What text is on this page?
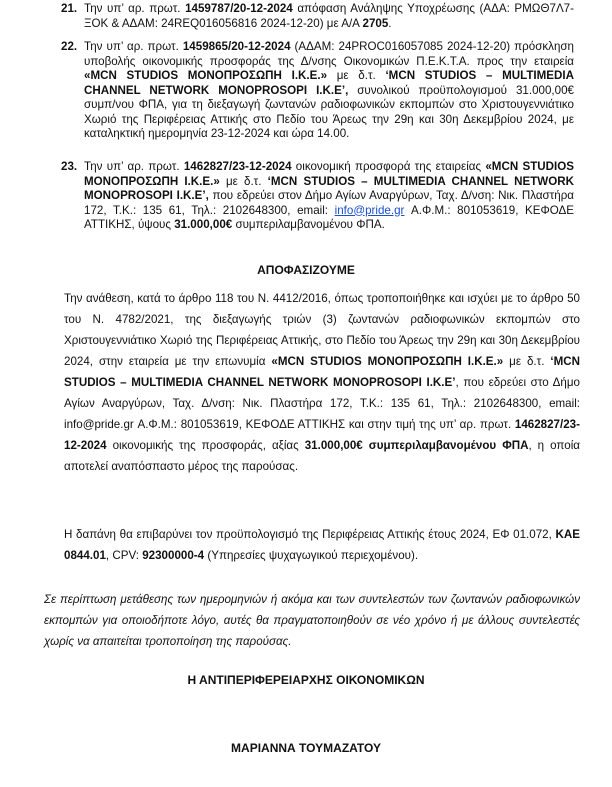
21. Την υπ’ αρ. πρωτ. 1459787/20-12-2024 απόφαση Ανάληψης Υποχρέωσης (ΑΔΑ: ΡΜΩΘ7Λ7-ΞΟΚ & ΑΔΑΜ: 24REQ016056816 2024-12-20) με Α/Α 2705.
22. Την υπ’ αρ. πρωτ. 1459865/20-12-2024 (ΑΔΑΜ: 24PROC016057085 2024-12-20) πρόσκληση υποβολής οικονομικής προσφοράς της Δ/νσης Οικονομικών Π.Ε.Κ.Τ.Α. προς την εταιρεία «MCN STUDIOS ΜΟΝΟΠΡΟΣΩΠΗ Ι.Κ.Ε.» με δ.τ. ‘MCN STUDIOS – MULTIMEDIA CHANNEL NETWORK MONOPROSOPI I.K.E’, συνολικού προϋπολογισμού 31.000,00€ συμπ/νου ΦΠΑ, για τη διεξαγωγή ζωντανών ραδιοφωνικών εκπομπών στο Χριστουγεννιάτικο Χωριό της Περιφέρειας Αττικής στο Πεδίο του Άρεως την 29η και 30η Δεκεμβρίου 2024, με καταληκτική ημερομηνία 23-12-2024 και ώρα 14.00.
23. Την υπ’ αρ. πρωτ. 1462827/23-12-2024 οικονομική προσφορά της εταιρείας «MCN STUDIOS ΜΟΝΟΠΡΟΣΩΠΗ Ι.Κ.Ε.» με δ.τ. ‘MCN STUDIOS – MULTIMEDIA CHANNEL NETWORK MONOPROSOPI I.K.E’, που εδρεύει στον Δήμο Αγίων Αναργύρων, Ταχ. Δ/νση: Νικ. Πλαστήρα 172, Τ.Κ.: 135 61, Τηλ.: 2102648300, email: info@pride.gr Α.Φ.Μ.: 801053619, ΚΕΦΟΔΕ ΑΤΤΙΚΗΣ, ύψους 31.000,00€ συμπεριλαμβανομένου ΦΠΑ.
ΑΠΟΦΑΣΙΖΟΥΜΕ
Την ανάθεση, κατά το άρθρο 118 του Ν. 4412/2016, όπως τροποποιήθηκε και ισχύει με το άρθρο 50 του Ν. 4782/2021, της διεξαγωγής τριών (3) ζωντανών ραδιοφωνικών εκπομπών στο Χριστουγεννιάτικο Χωριό της Περιφέρειας Αττικής, στο Πεδίο του Άρεως την 29η και 30η Δεκεμβρίου 2024, στην εταιρεία με την επωνυμία «MCN STUDIOS ΜΟΝΟΠΡΟΣΩΠΗ Ι.Κ.Ε.» με δ.τ. ‘MCN STUDIOS – MULTIMEDIA CHANNEL NETWORK MONOPROSOPI I.K.E’, που εδρεύει στο Δήμο Αγίων Αναργύρων, Ταχ. Δ/νση: Νικ. Πλαστήρα 172, Τ.Κ.: 135 61, Τηλ.: 2102648300, email: info@pride.gr Α.Φ.Μ.: 801053619, ΚΕΦΟΔΕ ΑΤΤΙΚΗΣ και στην τιμή της υπ’ αρ. πρωτ. 1462827/23-12-2024 οικονομικής της προσφοράς, αξίας 31.000,00€ συμπεριλαμβανομένου ΦΠΑ, η οποία αποτελεί αναπόσπαστο μέρος της παρούσας.
Η δαπάνη θα επιβαρύνει τον προϋπολογισμό της Περιφέρειας Αττικής έτους 2024, ΕΦ 01.072, ΚΑΕ 0844.01, CPV: 92300000-4 (Υπηρεσίες ψυχαγωγικού περιεχομένου).
Σε περίπτωση μετάθεσης των ημερομηνιών ή ακόμα και των συντελεστών των ζωντανών ραδιοφωνικών εκπομπών για οποιοδήποτε λόγο, αυτές θα πραγματοποιηθούν σε νέο χρόνο ή με άλλους συντελεστές χωρίς να απαιτείται τροποποίηση της παρούσας.
Η ΑΝΤΙΠΕΡΙΦΕΡΕΙΑΡΧΗΣ ΟΙΚΟΝΟΜΙΚΩΝ
ΜΑΡΙΑΝΝΑ ΤΟΥΜΑΖΑΤΟΥ
